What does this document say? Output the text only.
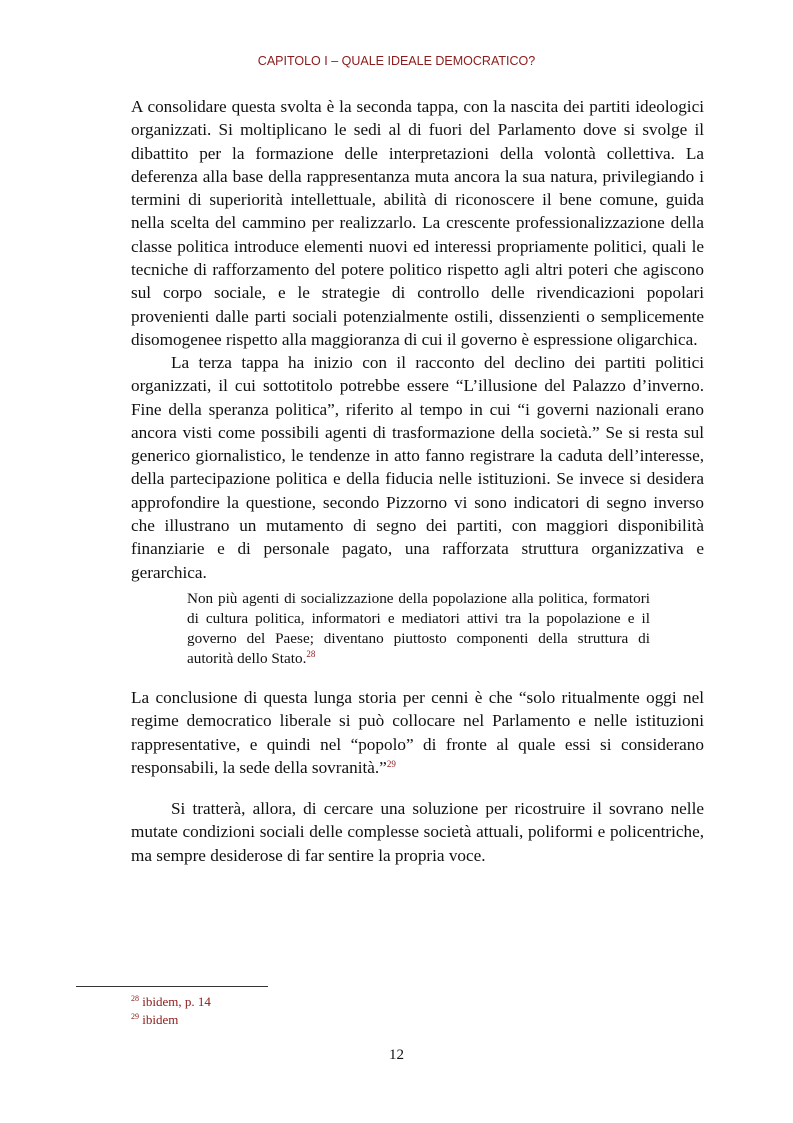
CAPITOLO I – QUALE IDEALE DEMOCRATICO?

A consolidare questa svolta è la seconda tappa, con la nascita dei partiti ideologici organizzati. Si moltiplicano le sedi al di fuori del Parlamento dove si svolge il dibattito per la formazione delle interpretazioni della volontà collettiva. La deferenza alla base della rappresentanza muta ancora la sua natura, privilegiando i termini di superiorità intellettuale, abilità di riconoscere il bene comune, guida nella scelta del cammino per realizzarlo. La crescente professionalizzazione della classe politica introduce elementi nuovi ed interessi propriamente politici, quali le tecniche di rafforzamento del potere politico rispetto agli altri poteri che agiscono sul corpo sociale, e le strategie di controllo delle rivendicazioni popolari provenienti dalle parti sociali potenzialmente ostili, dissenzienti o semplicemente disomogenee rispetto alla maggioranza di cui il governo è espressione oligarchica.

La terza tappa ha inizio con il racconto del declino dei partiti politici organizzati, il cui sottotitolo potrebbe essere “L’illusione del Palazzo d’inverno. Fine della speranza politica”, riferito al tempo in cui “i governi nazionali erano ancora visti come possibili agenti di trasformazione della società.” Se si resta sul generico giornalistico, le tendenze in atto fanno registrare la caduta dell’interesse, della partecipazione politica e della fiducia nelle istituzioni. Se invece si desidera approfondire la questione, secondo Pizzorno vi sono indicatori di segno inverso che illustrano un mutamento di segno dei partiti, con maggiori disponibilità finanziarie e di personale pagato, una rafforzata struttura organizzativa e gerarchica.

Non più agenti di socializzazione della popolazione alla politica, formatori di cultura politica, informatori e mediatori attivi tra la popolazione e il governo del Paese; diventano piuttosto componenti della struttura di autorità dello Stato.$^{28}$

La conclusione di questa lunga storia per cenni è che “solo ritualmente oggi nel regime democratico liberale si può collocare nel Parlamento e nelle istituzioni rappresentative, e quindi nel “popolo” di fronte al quale essi si considerano responsabili, la sede della sovranità.”$^{29}$

Si tratterà, allora, di cercare una soluzione per ricostruire il sovrano nelle mutate condizioni sociali delle complesse società attuali, poliformi e policentriche, ma sempre desiderose di far sentire la propria voce.

$^{28}$ ibidem, p. 14
$^{29}$ ibidem
12
